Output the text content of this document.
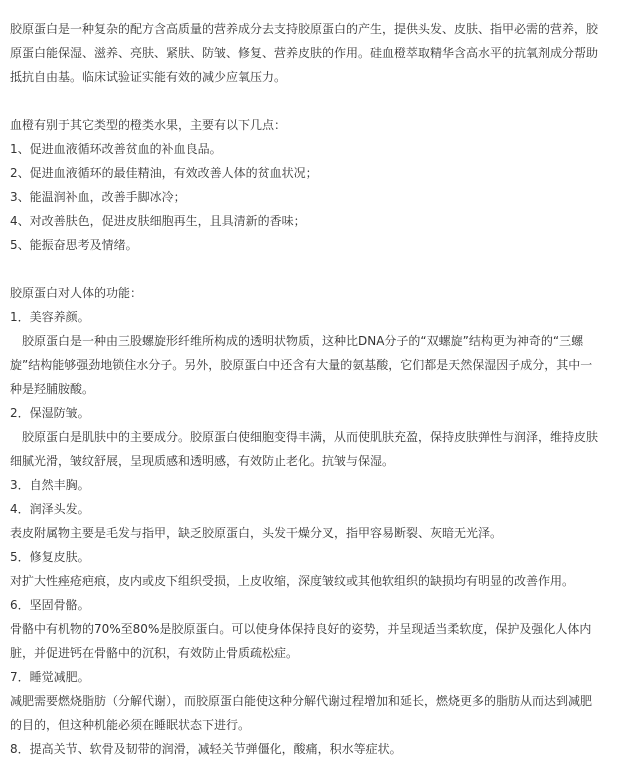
胶原蛋白是一种复杂的配方含高质量的营养成分去支持胶原蛋白的产生，提供头发、皮肤、指甲必需的营养，胶
原蛋白能保湿、滋养、亮肤、紧肤、防皱、修复、营养皮肤的作用。硅血橙萃取精华含高水平的抗氧剂成分帮助
抵抗自由基。临床试验证实能有效的减少应氧压力。
血橙有别于其它类型的橙类水果，主要有以下几点：
1、促进血液循环改善贫血的补血良品。
2、促进血液循环的最佳精油，有效改善人体的贫血状况；
3、能温润补血，改善手脚冰冷；
4、对改善肤色，促进皮肤细胞再生，且具清新的香味；
5、能振奋思考及情绪。
胶原蛋白对人体的功能：
1．美容养颜。
　胶原蛋白是一种由三股螺旋形纤维所构成的透明状物质，这种比DNA分子的“双螺旋”结构更为神奇的“三螺
旋”结构能够强劲地锁住水分子。另外，胶原蛋白中还含有大量的氨基酸，它们都是天然保湿因子成分，其中一
种是羟脯胺酸。
2．保湿防皱。
　胶原蛋白是肌肤中的主要成分。胶原蛋白使细胞变得丰满，从而使肌肤充盈，保持皮肤弹性与润泽，维持皮肤
细腻光滑，皱纹舒展，呈现质感和透明感，有效防止老化。抗皱与保湿。
3．自然丰胸。
4．润泽头发。
表皮附属物主要是毛发与指甲，缺乏胶原蛋白，头发干燥分叉，指甲容易断裂、灰暗无光泽。
5．修复皮肤。
对扩大性痤疮疤痕，皮内或皮下组织受损，上皮收缩，深度皱纹或其他软组织的缺损均有明显的改善作用。
6．坚固骨骼。
骨骼中有机物的70%至80%是胶原蛋白。可以使身体保持良好的姿势，并呈现适当柔软度，保护及强化人体内
脏，并促进钙在骨骼中的沉积，有效防止骨质疏松症。
7．睡觉减肥。
减肥需要燃烧脂肪（分解代谢），而胶原蛋白能使这种分解代谢过程增加和延长，燃烧更多的脂肪从而达到减肥
的目的，但这种机能必须在睡眠状态下进行。
8．提高关节、软骨及韧带的润滑，减轻关节弹僵化，酸痛，积水等症状。
